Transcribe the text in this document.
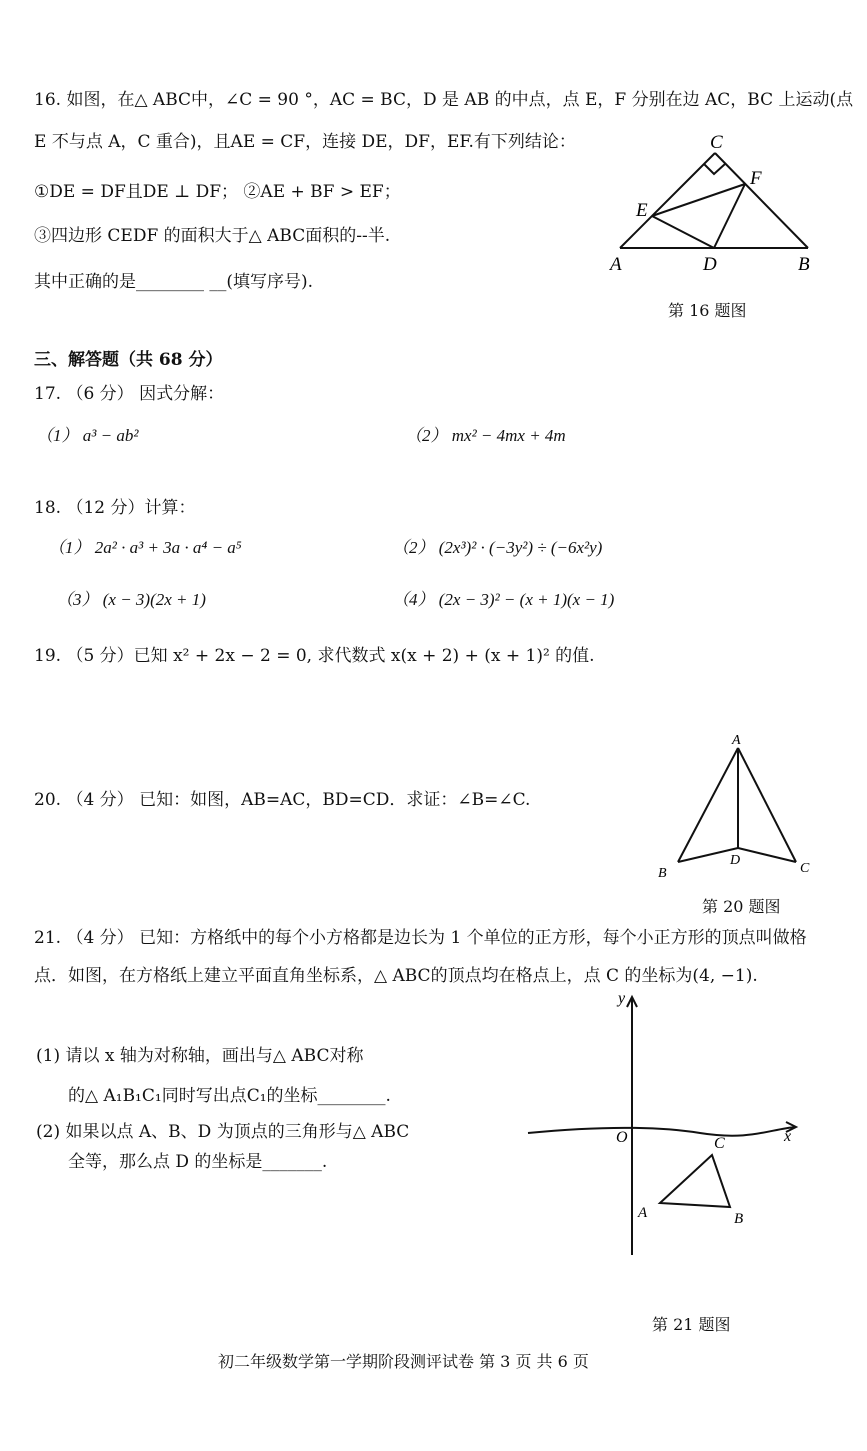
16. 如图，在△ ABC中，∠C = 90 °，AC = BC，D 是 AB 的中点，点 E，F 分别在边 AC，BC 上运动(点
E 不与点 A，C 重合)，且AE = CF，连接 DE，DF，EF.有下列结论：
①DE = DF且DE ⊥ DF； ②AE + BF > EF；
③四边形 CEDF 的面积大于△ ABC面积的--半.
其中正确的是________ __(填写序号).
C
F
E
A	D	B
第 16 题图
三、解答题（共 68 分）
17. （6 分） 因式分解：
（1） a³ − ab²	（2） mx² − 4mx + 4m
18. （12 分）计算：
（1） 2a² · a³ + 3a · a⁴ − a⁵	（2） (2x³)² · (−3y²) ÷ (−6x²y)
（3） (x − 3)(2x + 1)	（4） (2x − 3)² − (x + 1)(x − 1)
19. （5 分）已知 x² + 2x − 2 = 0, 求代数式 x(x + 2) + (x + 1)² 的值.
20. （4 分） 已知：如图，AB=AC，BD=CD．求证：∠B=∠C.
A
B	C
D
第 20 题图
21. （4 分） 已知：方格纸中的每个小方格都是边长为 1 个单位的正方形，每个小正方形的顶点叫做格
点．如图，在方格纸上建立平面直角坐标系，△ ABC的顶点均在格点上，点 C 的坐标为(4, −1).
(1) 请以 x 轴为对称轴，画出与△ ABC对称
的△ A₁B₁C₁同时写出点C₁的坐标________.
(2) 如果以点 A、B、D 为顶点的三角形与△ ABC
全等，那么点 D 的坐标是_______.
y
x
O	C
A	B
第 21 题图
初二年级数学第一学期阶段测评试卷 第 3 页 共 6 页
